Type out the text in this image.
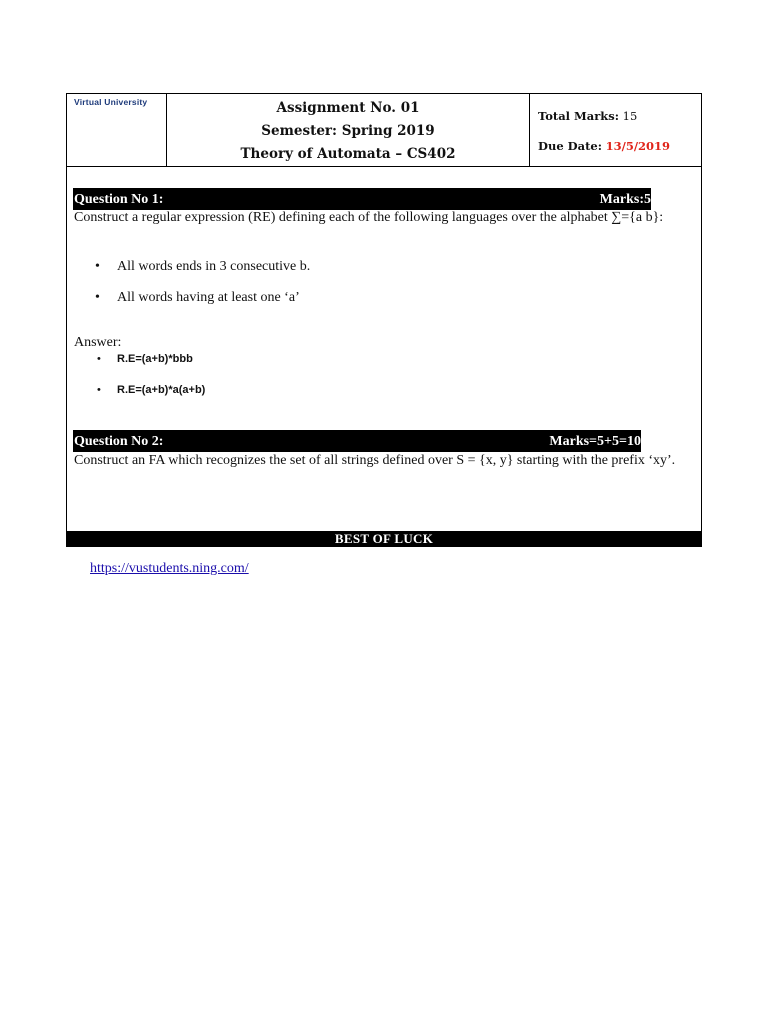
Virtual University	Assignment No. 01
Semester: Spring 2019
Theory of Automata – CS402
Total Marks: 15
Due Date: 13/5/2019
Question No 1:	Marks:5
Construct a regular expression (RE) defining each of the following languages over the alphabet ∑={a b}:
• All words ends in 3 consecutive b.
• All words having at least one ‘a’
Answer:
• R.E=(a+b)*bbb
• R.E=(a+b)*a(a+b)
Question No 2:	Marks=5+5=10
Construct an FA which recognizes the set of all strings defined over S = {x, y} starting with the prefix ‘xy’.
BEST OF LUCK
https://vustudents.ning.com/
